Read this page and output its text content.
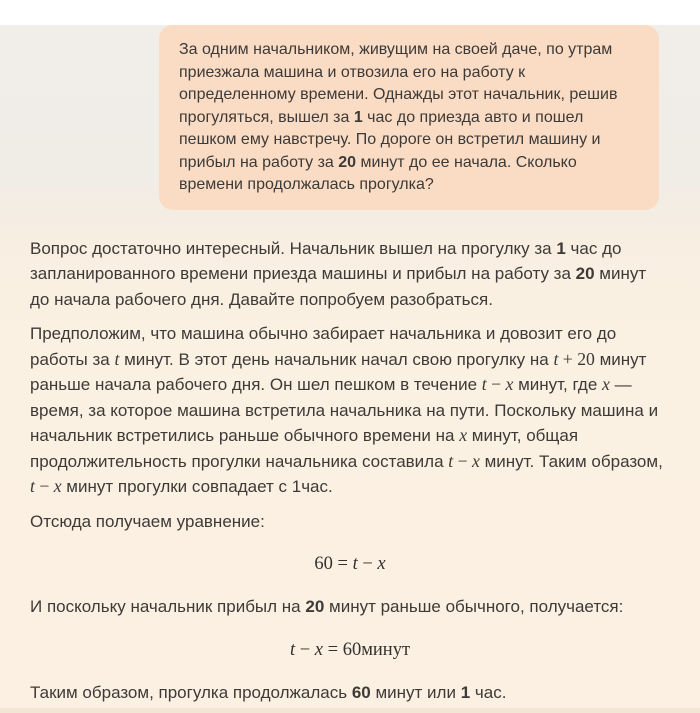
За одним начальником, живущим на своей даче, по утрам приезжала машина и отвозила его на работу к определенному времени. Однажды этот начальник, решив прогуляться, вышел за 1 час до приезда авто и пошел пешком ему навстречу. По дороге он встретил машину и прибыл на работу за 20 минут до ее начала. Сколько времени продолжалась прогулка?

Вопрос достаточно интересный. Начальник вышел на прогулку за 1 час до запланированного времени приезда машины и прибыл на работу за 20 минут до начала рабочего дня. Давайте попробуем разобраться.

Предположим, что машина обычно забирает начальника и довозит его до работы за t минут. В этот день начальник начал свою прогулку на t + 20 минут раньше начала рабочего дня. Он шел пешком в течение t − x минут, где x — время, за которое машина встретила начальника на пути. Поскольку машина и начальник встретились раньше обычного времени на x минут, общая продолжительность прогулки начальника составила t − x минут. Таким образом, t − x минут прогулки совпадает с 1час.

Отсюда получаем уравнение:

60 = t − x

И поскольку начальник прибыл на 20 минут раньше обычного, получается:

t − x = 60минут

Таким образом, прогулка продолжалась 60 минут или 1 час.
